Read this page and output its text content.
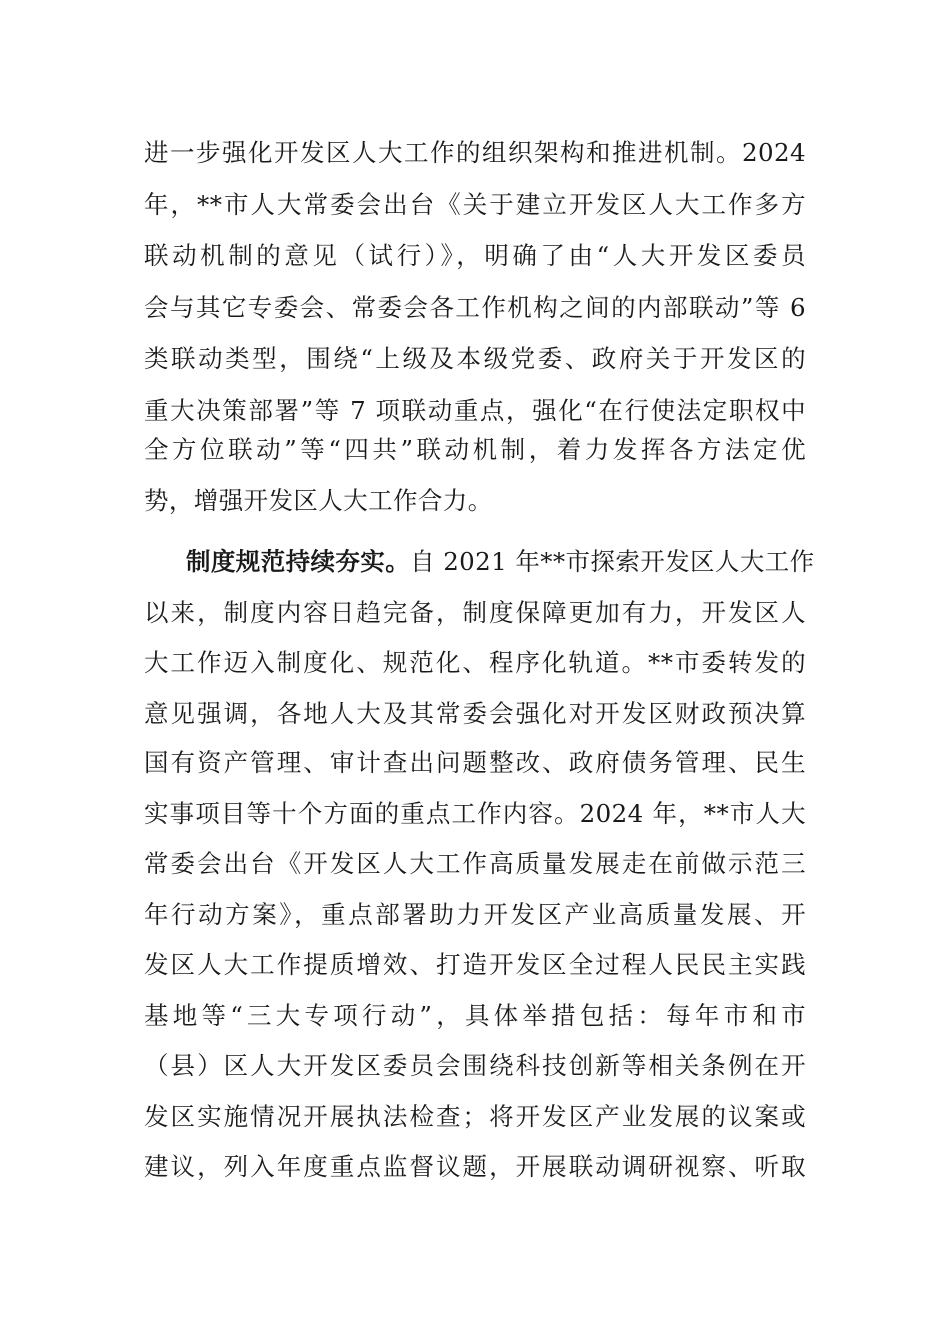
进一步强化开发区人大工作的组织架构和推进机制。2024

年，**市人大常委会出台《关于建立开发区人大工作多方

联动机制的意见（试行）》，明确了由“人大开发区委员

会与其它专委会、常委会各工作机构之间的内部联动”等 6

类联动类型，围绕“上级及本级党委、政府关于开发区的

重大决策部署”等 7 项联动重点，强化“在行使法定职权中

全方位联动”等“四共”联动机制，着力发挥各方法定优

势，增强开发区人大工作合力。

制度规范持续夯实。自 2021 年**市探索开发区人大工作

以来，制度内容日趋完备，制度保障更加有力，开发区人

大工作迈入制度化、规范化、程序化轨道。**市委转发的

意见强调，各地人大及其常委会强化对开发区财政预决算

国有资产管理、审计查出问题整改、政府债务管理、民生

实事项目等十个方面的重点工作内容。2024 年，**市人大

常委会出台《开发区人大工作高质量发展走在前做示范三

年行动方案》，重点部署助力开发区产业高质量发展、开

发区人大工作提质增效、打造开发区全过程人民民主实践

基地等“三大专项行动”，具体举措包括：每年市和市

（县）区人大开发区委员会围绕科技创新等相关条例在开

发区实施情况开展执法检查；将开发区产业发展的议案或

建议，列入年度重点监督议题，开展联动调研视察、听取
